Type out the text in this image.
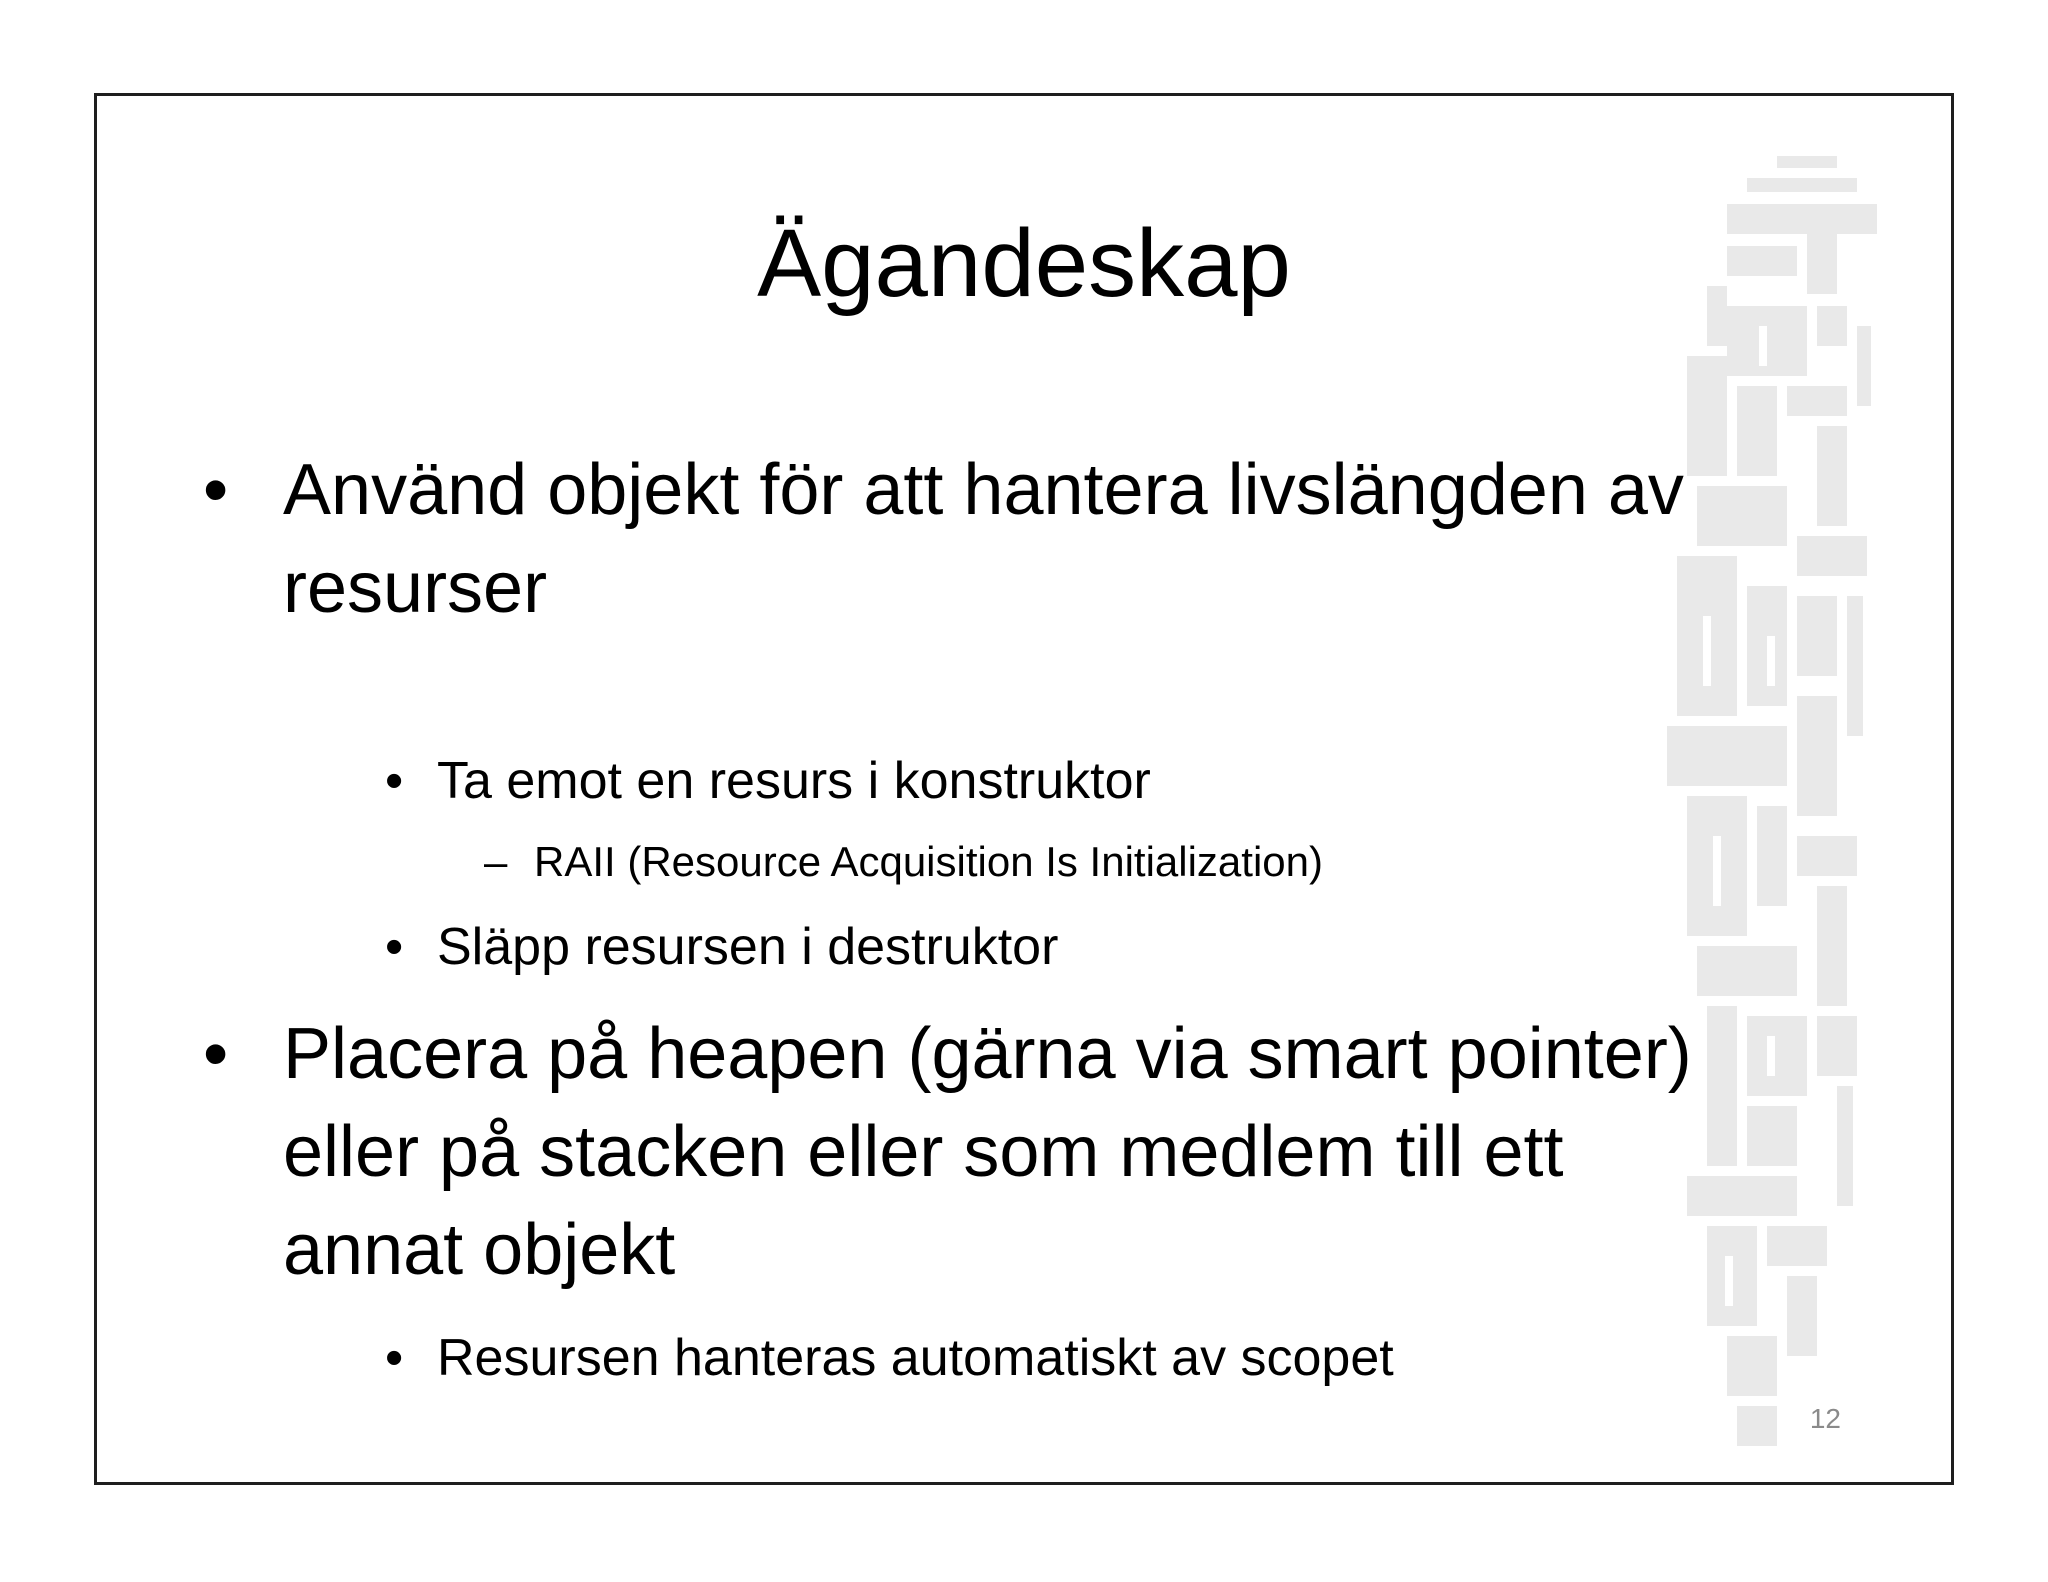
Ägandeskap
• Använd objekt för att hantera livslängden av resurser
• Ta emot en resurs i konstruktor
– RAII (Resource Acquisition Is Initialization)
• Släpp resursen i destruktor
• Placera på heapen (gärna via smart pointer) eller på stacken eller som medlem till ett annat objekt
• Resursen hanteras automatiskt av scopet
12
